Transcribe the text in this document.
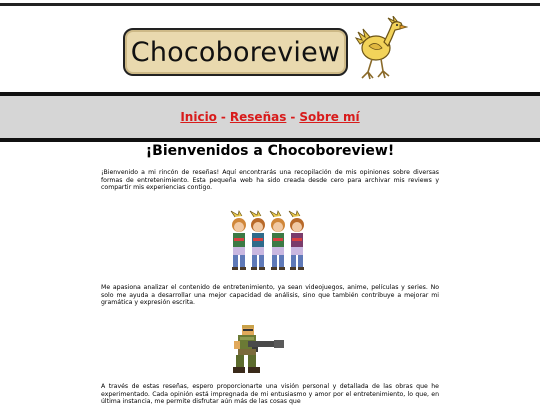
Chocoboreview
Inicio - Reseñas - Sobre mí
¡Bienvenidos a Chocoboreview!

¡Bienvenido a mi rincón de reseñas! Aquí encontrarás una recopilación de mis opiniones sobre diversas formas de entretenimiento. Esta pequeña web ha sido creada desde cero para archivar mis reviews y compartir mis experiencias contigo.

Me apasiona analizar el contenido de entretenimiento, ya sean videojuegos, anime, películas y series. No solo me ayuda a desarrollar una mejor capacidad de análisis, sino que también contribuye a mejorar mi gramática y expresión escrita.

A través de estas reseñas, espero proporcionarte una visión personal y detallada de las obras que he experimentado. Cada opinión está impregnada de mi entusiasmo y amor por el entretenimiento, lo que, en última instancia, me permite disfrutar aún más de las cosas que
